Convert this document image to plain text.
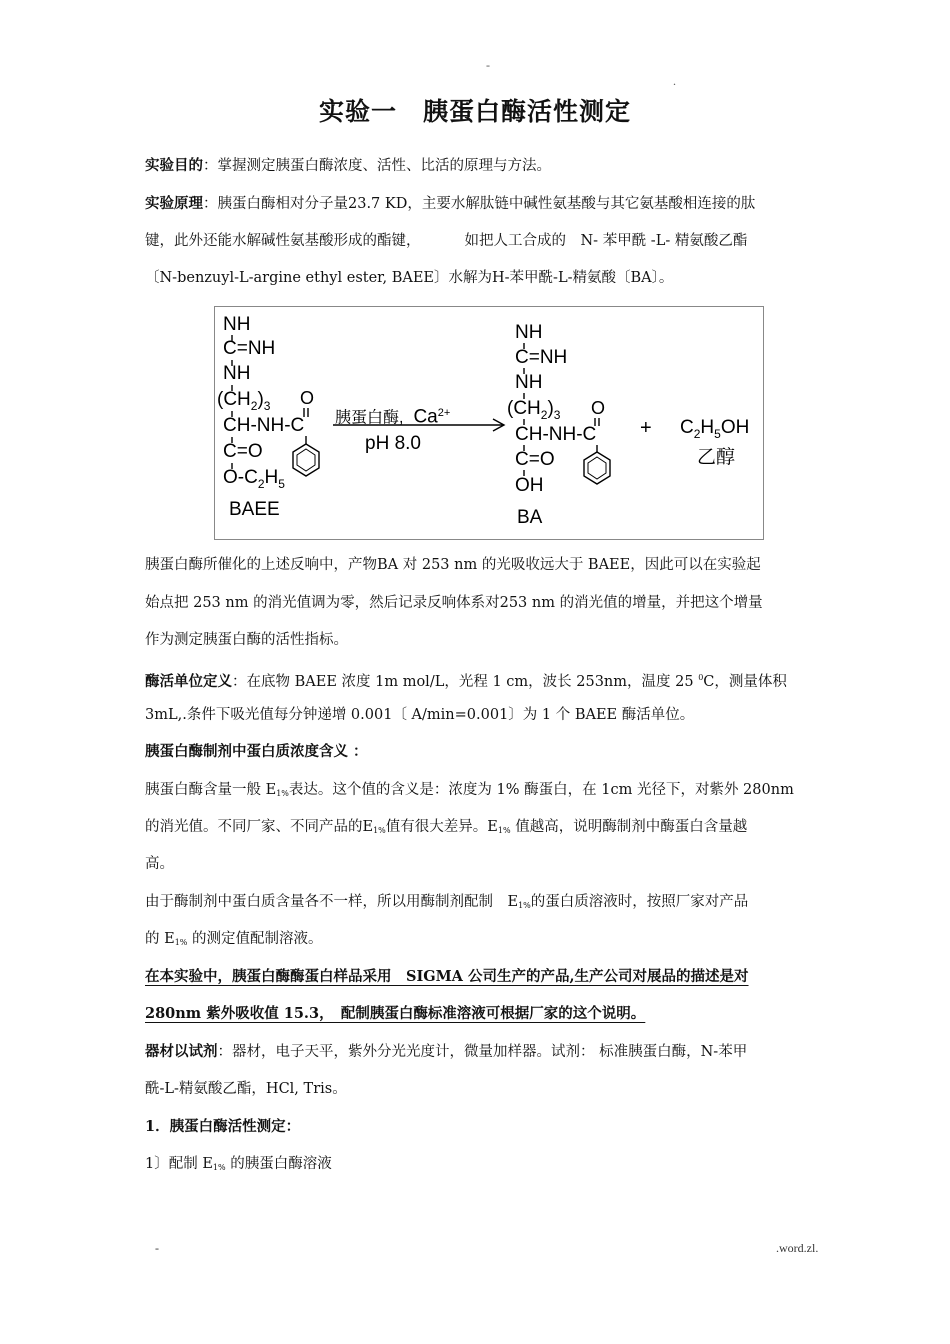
-
.
实验一 胰蛋白酶活性测定
实验目的：掌握测定胰蛋白酶浓度、活性、比活的原理与方法。
实验原理：胰蛋白酶相对分子量23.7 KD，主要水解肽链中碱性氨基酸与其它氨基酸相连接的肽
键，此外还能水解碱性氨基酸形成的酯键，	如把人工合成的　N- 苯甲酰 -L- 精氨酸乙酯
〔N-benzuyl-L-argine ethyl ester, BAEE〕水解为H-苯甲酰-L-精氨酸〔BA〕。
NH
C=NH
NH
$(CH_2)_3$ O
CH-NH-C
C=O
$O-C_2H_5$
BAEE
NH
C=NH
NH
$(CH_2)_3$ O
CH-NH-C
C=O
OH
BA
胰蛋白酶, $Ca^{2+}$
pH 8.0
+ $C_2H_5OH$
乙醇
胰蛋白酶所催化的上述反响中，产物BA 对 253 nm 的光吸收远大于 BAEE，因此可以在实验起
始点把 253 nm 的消光值调为零，然后记录反响体系对253 nm 的消光值的增量，并把这个增量
作为测定胰蛋白酶的活性指标。
酶活单位定义：在底物 BAEE 浓度 1m mol/L，光程 1 cm，波长 253nm，温度 25 $^0$C，测量体积
3mL,.条件下吸光值每分钟递增 0.001〔 A/min=0.001〕为 1 个 BAEE 酶活单位。
胰蛋白酶制剂中蛋白质浓度含义 ：
胰蛋白酶含量一般 $E_{1\%}$表达。这个值的含义是：浓度为 1% 酶蛋白，在 1cm 光径下，对紫外 280nm
的消光值。不同厂家、不同产品的$E_{1\%}$值有很大差异。$E_{1\%}$ 值越高，说明酶制剂中酶蛋白含量越
高。
由于酶制剂中蛋白质含量各不一样，所以用酶制剂配制　$E_{1\%}$的蛋白质溶液时，按照厂家对产品
的 $E_{1\%}$ 的测定值配制溶液。
在本实验中，胰蛋白酶酶蛋白样品采用　SIGMA 公司生产的产品,生产公司对展品的描述是对
280nm 紫外吸收值 15.3，　配制胰蛋白酶标准溶液可根据厂家的这个说明。
器材以试剂：器材，电子天平，紫外分光光度计，微量加样器。试剂： 标准胰蛋白酶，N-苯甲
酰-L-精氨酸乙酯，HCl, Tris。
1．胰蛋白酶活性测定：
1〕配制 $E_{1\%}$ 的胰蛋白酶溶液
-	.word.zl.
